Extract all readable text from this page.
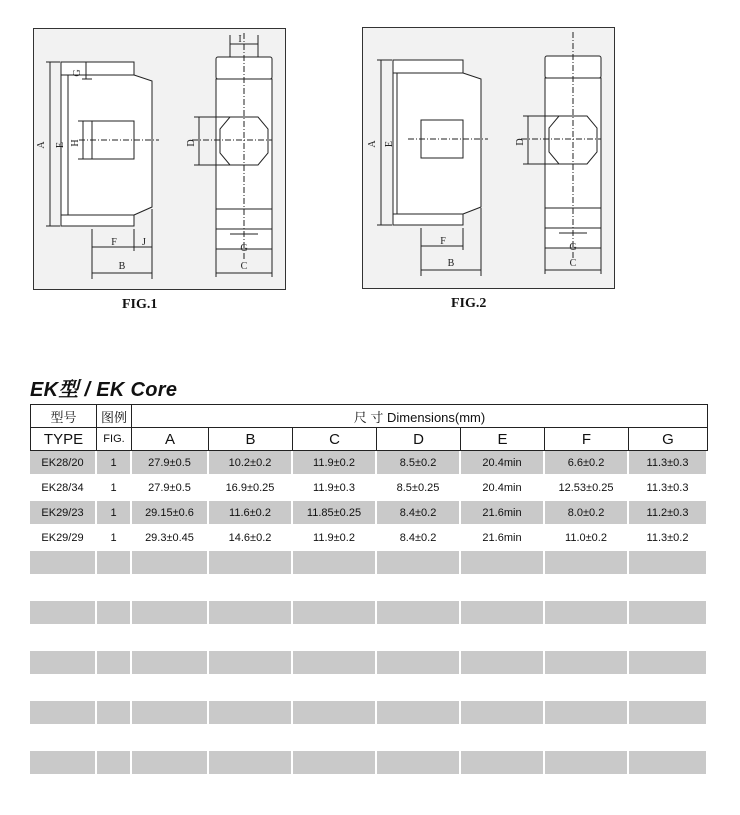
A E H
G
F	J
B
I
D
G
C
FIG.1
A E
F
B
D
G
C
FIG.2
EK型 / EK Core
型号	图例	尺 寸 Dimensions(mm)						
TYPE	FIG.	A	B	C	D	E	F	G
EK28/20	1	27.9±0.5	10.2±0.2	11.9±0.2	8.5±0.2	20.4min	6.6±0.2	11.3±0.3
EK28/34	1	27.9±0.5	16.9±0.25	11.9±0.3	8.5±0.25	20.4min	12.53±0.25	11.3±0.3
EK29/23	1	29.15±0.6	11.6±0.2	11.85±0.25	8.4±0.2	21.6min	8.0±0.2	11.2±0.3
EK29/29	1	29.3±0.45	14.6±0.2	11.9±0.2	8.4±0.2	21.6min	11.0±0.2	11.3±0.2
